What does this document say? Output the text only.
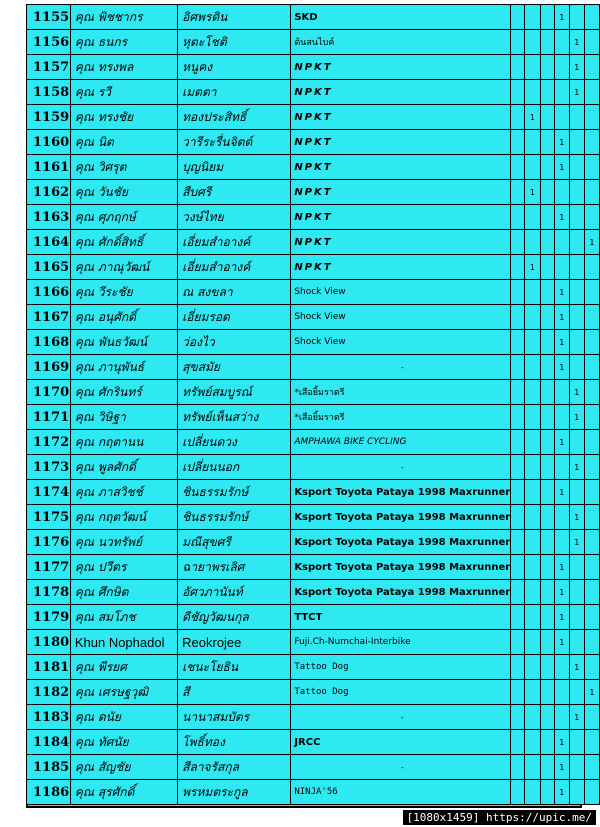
1155	คุณ พิชชากร	อิศพรดิน	SKD				1		
1156	คุณ ธนกร	หุตะโชติ	ต้นสนไบค์					1	
1157	คุณ ทรงพล	หนูคง	NPKT					1	
1158	คุณ รวี	เมตตา	NPKT					1	
1159	คุณ ทรงชัย	ทองประสิทธิ์	NPKT		1				
1160	คุณ นิต	วารีระรื่นจิตต์	NPKT				1		
1161	คุณ วิศรุต	บุญนิยม	NPKT				1		
1162	คุณ วันชัย	สืบศรี	NPKT		1				
1163	คุณ ศุภฤกษ์	วงษ์ไทย	NPKT				1		
1164	คุณ ศักดิ์สิทธิ์	เอี่ยมสำอางค์	NPKT						1
1165	คุณ ภาณุวัฒน์	เอี่ยมสำอางค์	NPKT		1				
1166	คุณ วีระชัย	ณ สงขลา	Shock View				1		
1167	คุณ อนุศักดิ์	เอี่ยมรอด	Shock View				1		
1168	คุณ พันธวัฒน์	ว่องไว	Shock View				1		
1169	คุณ ภานุพันธ์	สุขสมัย	-				1		
1170	คุณ ศักรินทร์	ทรัพย์สมบูรณ์	*เสือยิ้มราตรี					1	
1171	คุณ วิษิฐา	ทรัพย์เห็นสว่าง	*เสือยิ้มราตรี					1	
1172	คุณ กฤตานน	เปลี่ยนดวง	AMPHAWA BIKE CYCLING				1		
1173	คุณ พูลศักดิ์	เปลี่ยนนอก	-					1	
1174	คุณ ภาสวิชช์	ชินธรรมรักษ์	Ksport Toyota Pataya 1998 Maxrunner				1		
1175	คุณ กฤตวัฒน์	ชินธรรมรักษ์	Ksport Toyota Pataya 1998 Maxrunner					1	
1176	คุณ นวทรัพย์	มณีสุขศรี	Ksport Toyota Pataya 1998 Maxrunner					1	
1177	คุณ ปวีตร	ฉายาพรเลิศ	Ksport Toyota Pataya 1998 Maxrunner				1		
1178	คุณ ศึกษิต	อัศวภานันท์	Ksport Toyota Pataya 1998 Maxrunner				1		
1179	คุณ สมโภช	ดีชัญวัฒนกุล	TTCT				1		
1180	Khun Nophadol	Reokrojee	Fuji.Ch-Numchai-Interbike				1		
1181	คุณ พีรยศ	เชนะโยธิน	Tattoo Dog					1	
1182	คุณ เศรษฐวุฒิ	สี	Tattoo Dog						1
1183	คุณ ดนัย	นานาสมบัตร	-					1	
1184	คุณ ทัศนัย	โพธิ์ทอง	JRCC				1		
1185	คุณ สัญชัย	สีลาจรัสกุล	-				1		
1186	คุณ สุรศักดิ์	พรหมตระกูล	NINJA'56				1		
[1080x1459] https://upic.me/
